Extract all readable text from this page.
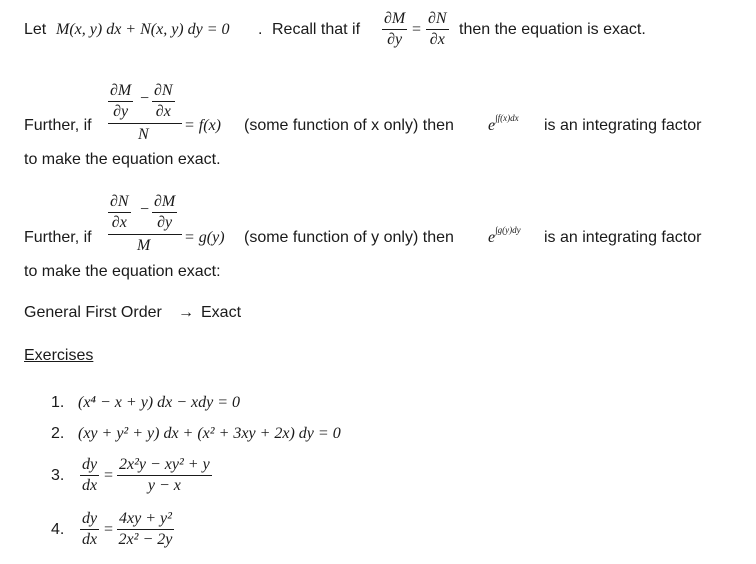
Let M(x, y) dx + N(x, y) dy = 0 . Recall that if $\frac{\partial M}{\partial y} = \frac{\partial N}{\partial x}$ then the equation is exact.
$\frac{\partial M}{\partial y} - \frac{\partial N}{\partial x}$
N
Further, if	= f(x) (some function of x only) then $e^{\int f(x)dx}$ is an integrating factor
to make the equation exact.
$\frac{\partial N}{\partial x} - \frac{\partial M}{\partial y}$
M
Further, if	= g(y) (some function of y only) then $e^{\int g(y)dy}$ is an integrating factor
to make the equation exact:
General First Order → Exact
Exercises
1. (x⁴ − x + y) dx − xdy = 0
2. (xy + y² + y) dx + (x² + 3xy + 2x) dy = 0
3. $\frac{dy}{dx} = \frac{\text{2x²y − xy² + y}}{y - x}$
4. $\frac{dy}{dx} = \frac{\text{4xy + y²}}{\text{2x² − 2y}}$
